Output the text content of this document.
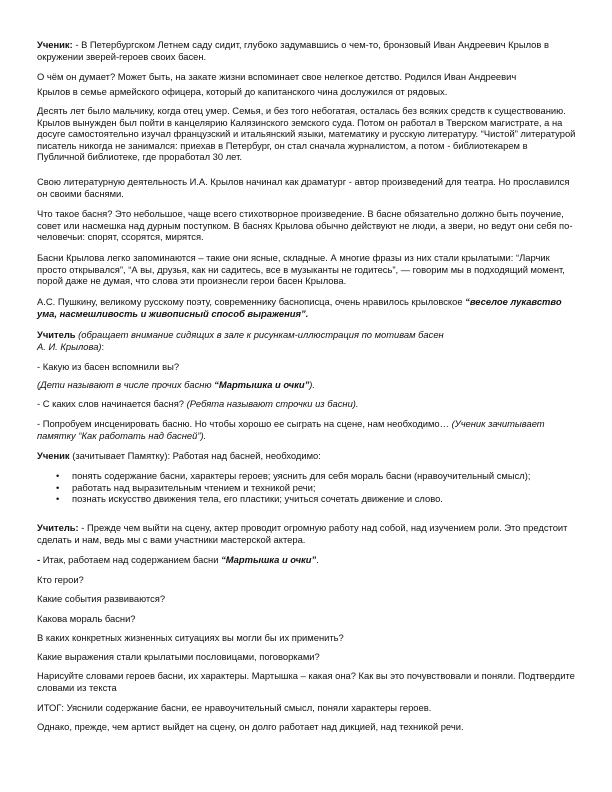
Ученик: - В Петербургском Летнем саду сидит, глубоко задумавшись о чем-то, бронзовый Иван Андреевич Крылов в окружении зверей-героев своих басен.

О чём он думает? Может быть, на закате жизни вспоминает свое нелегкое детство. Родился Иван Андреевич

Крылов в семье армейского офицера, который до капитанского чина дослужился от рядовых.

Десять лет было мальчику, когда отец умер. Семья, и без того небогатая, осталась без всяких средств к существованию. Крылов вынужден был пойти в канцелярию Калязинского земского суда. Потом он работал в Тверском магистрате, а на досуге самостоятельно изучал французский и итальянский языки, математику и русскую литературу. “Чистой” литературой писатель никогда не занимался: приехав в Петербург, он стал сначала журналистом, а потом - библиотекарем в Публичной библиотеке, где проработал 30 лет.

Свою литературную деятельность И.А. Крылов начинал как драматург - автор произведений для театра. Но прославился он своими баснями.

Что такое басня? Это небольшое, чаще всего стихотворное произведение. В басне обязательно должно быть поучение, совет или насмешка над дурным поступком. В баснях Крылова обычно действуют не люди, а звери, но ведут они себя по-человечьи: спорят, ссорятся, мирятся.

Басни Крылова легко запоминаются – такие они ясные, складные. А многие фразы из них стали крылатыми: “Ларчик просто открывался”, “А вы, друзья, как ни садитесь, все в музыканты не годитесь”, — говорим мы в подходящий момент, порой даже не думая, что слова эти произнесли герои басен Крылова.

А.С. Пушкину, великому русскому поэту, современнику баснописца, очень нравилось крыловское “веселое лукавство ума, насмешливость и живописный способ выражения”.

Учитель (обращает внимание сидящих в зале к рисункам-иллюстрация по мотивам басен
А. И. Крылова):

- Какую из басен вспомнили вы?

(Дети называют в числе прочих басню “Мартышка и очки”).

- С каких слов начинается басня? (Ребята называют строчки из басни).

- Попробуем инсценировать басню. Но чтобы хорошо ее сыграть на сцене, нам необходимо… (Ученик зачитывает памятку “Как работать над басней”).

Ученик (зачитывает Памятку): Работая над басней, необходимо:

• понять содержание басни, характеры героев; уяснить для себя мораль басни (нравоучительный смысл);
• работать над выразительным чтением и техникой речи;
• познать искусство движения тела, его пластики; учиться сочетать движение и слово.

Учитель: - Прежде чем выйти на сцену, актер проводит огромную работу над собой, над изучением роли. Это предстоит сделать и нам, ведь мы с вами участники мастерской актера.

- Итак, работаем над содержанием басни “Мартышка и очки”.

Кто герои?

Какие события развиваются?

Какова мораль басни?

В каких конкретных жизненных ситуациях вы могли бы их применить?

Какие выражения стали крылатыми пословицами, поговорками?

Нарисуйте словами героев басни, их характеры. Мартышка – какая она? Как вы это почувствовали и поняли. Подтвердите словами из текста

ИТОГ: Уяснили содержание басни, ее нравоучительный смысл, поняли характеры героев.

Однако, прежде, чем артист выйдет на сцену, он долго работает над дикцией, над техникой речи.
